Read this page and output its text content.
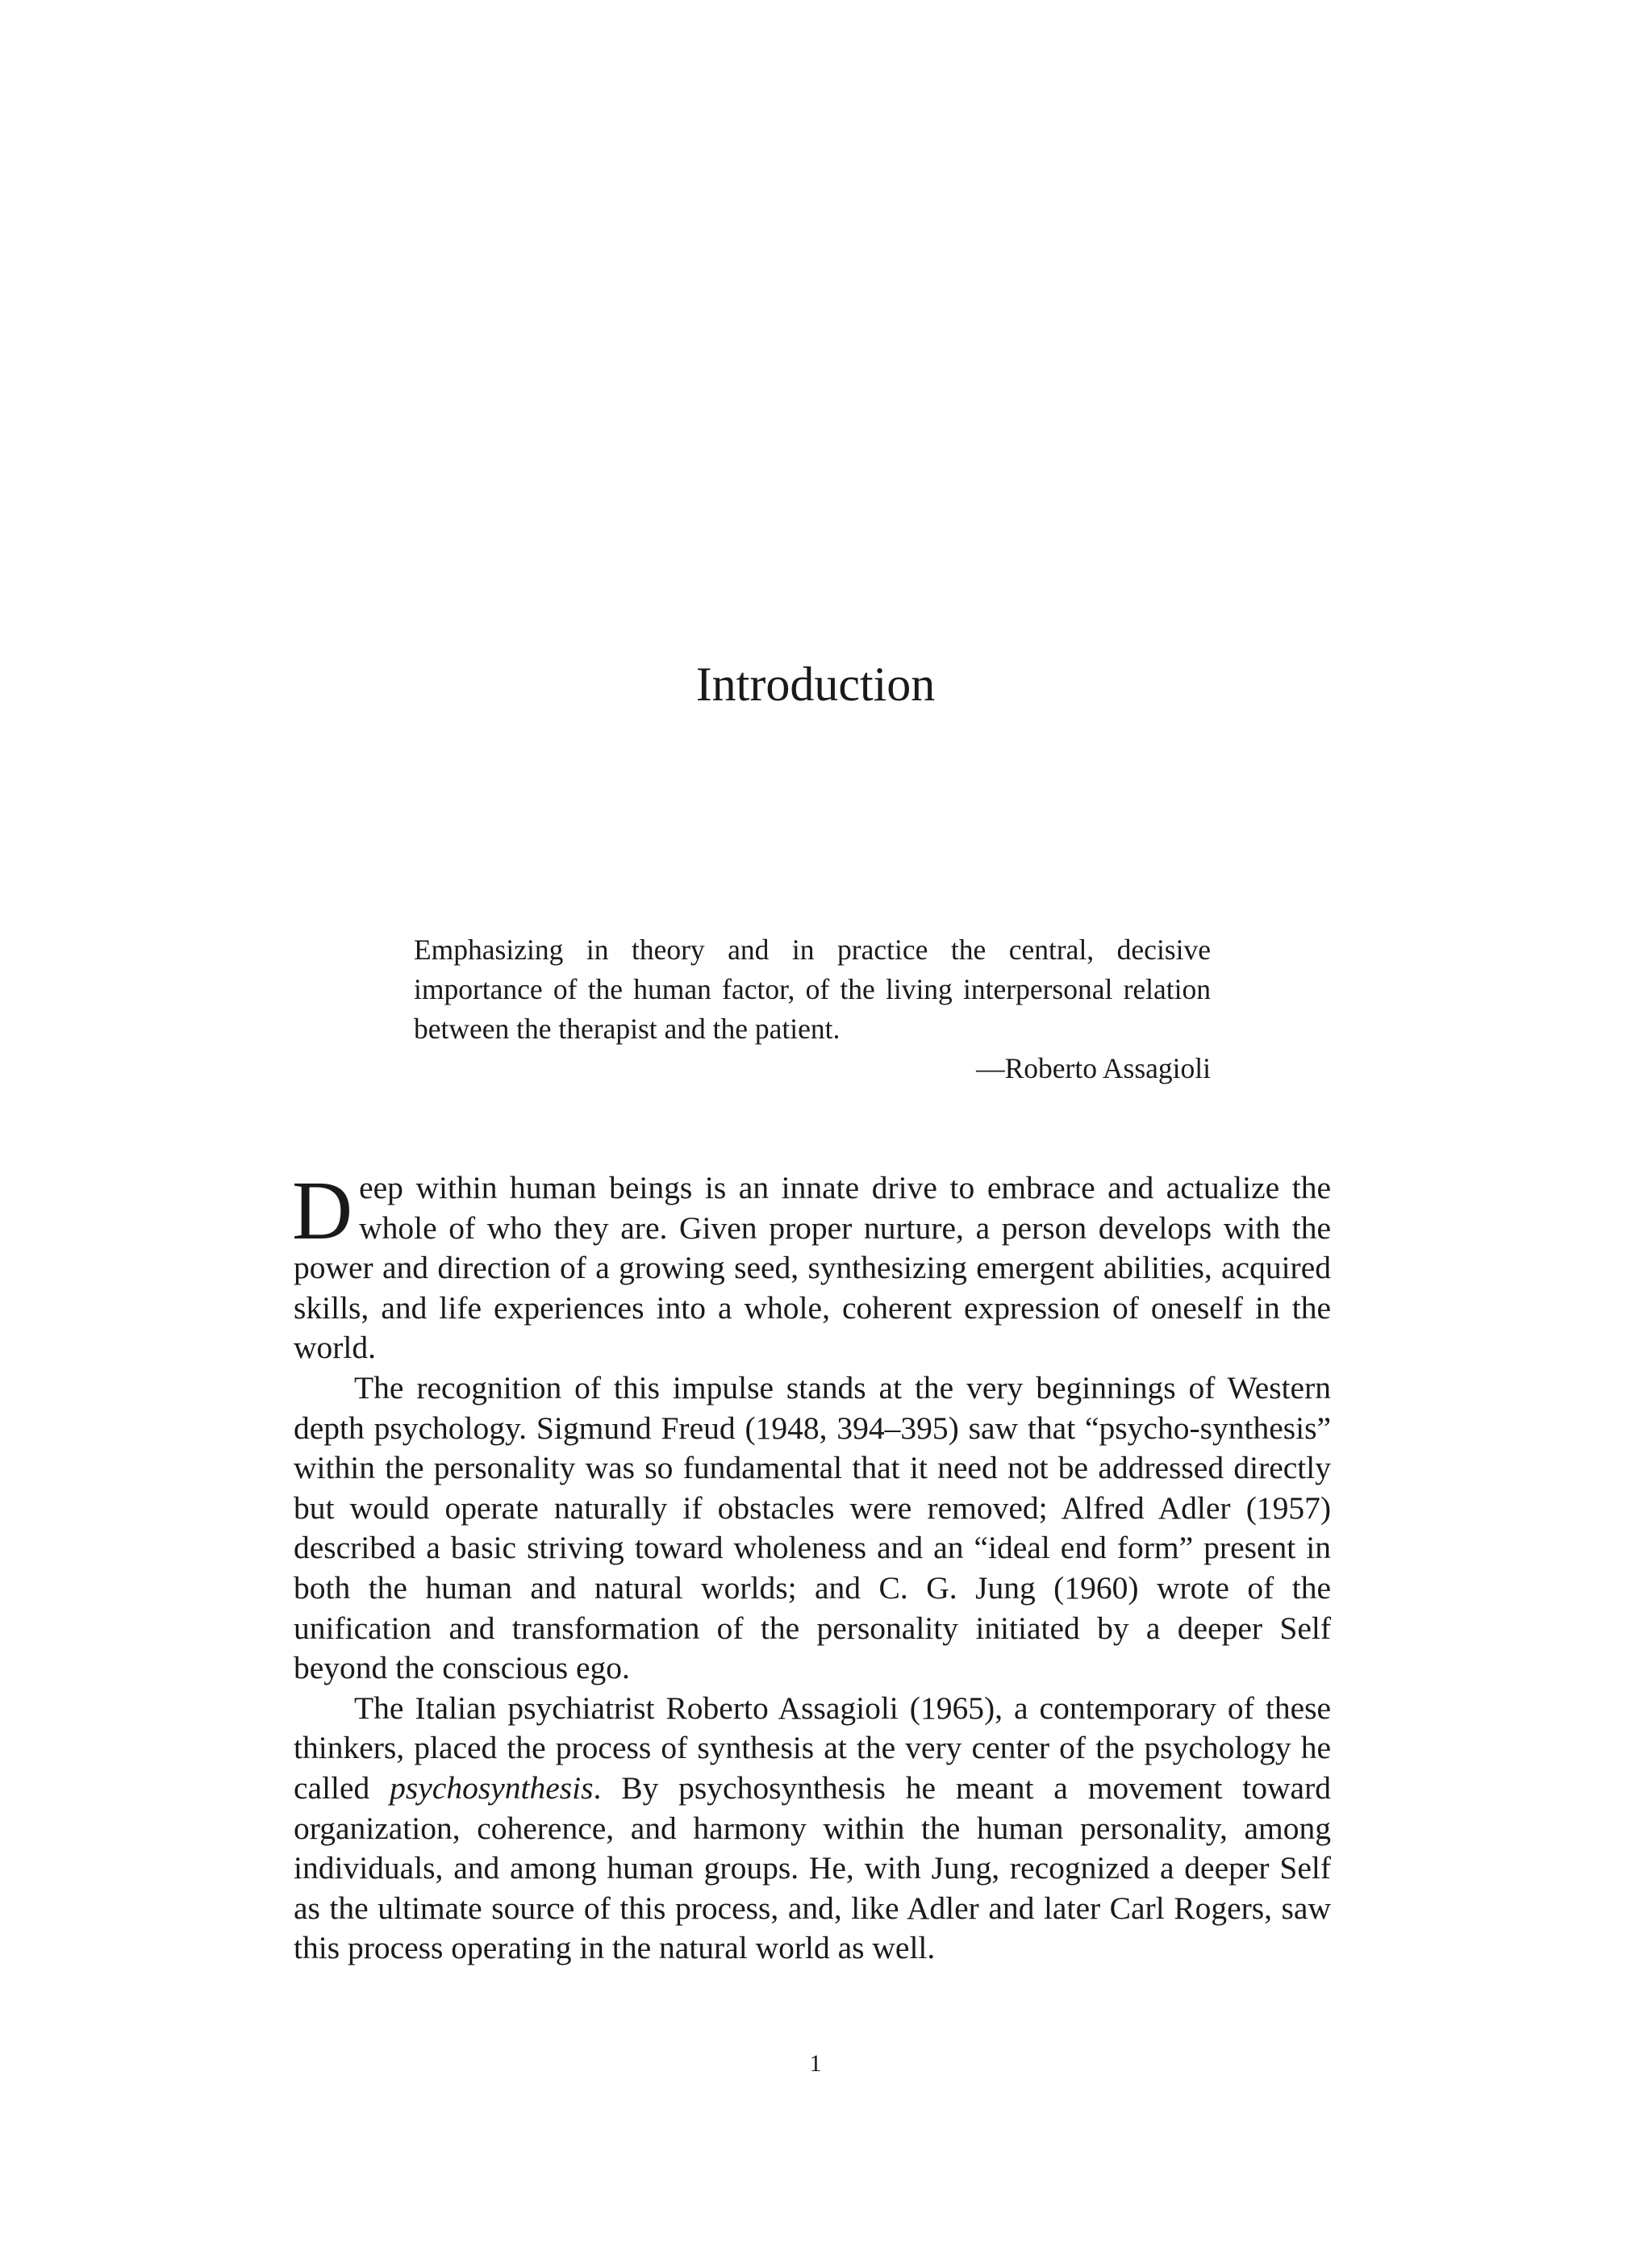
Introduction

Emphasizing in theory and in practice the central, decisive importance of the human factor, of the living interpersonal relation between the therapist and the patient.

—Roberto Assagioli

Deep within human beings is an innate drive to embrace and actualize the whole of who they are. Given proper nurture, a person develops with the power and direction of a growing seed, synthesizing emergent abilities, acquired skills, and life experiences into a whole, coherent expression of oneself in the world.

The recognition of this impulse stands at the very beginnings of Western depth psychology. Sigmund Freud (1948, 394–395) saw that “psycho-synthesis” within the personality was so fundamental that it need not be addressed directly but would operate naturally if obstacles were removed; Alfred Adler (1957) described a basic striving toward wholeness and an “ideal end form” present in both the human and natural worlds; and C. G. Jung (1960) wrote of the unification and transformation of the personality initiated by a deeper Self beyond the conscious ego.

The Italian psychiatrist Roberto Assagioli (1965), a contemporary of these thinkers, placed the process of synthesis at the very center of the psychology he called psychosynthesis. By psychosynthesis he meant a movement toward organization, coherence, and harmony within the human personality, among individuals, and among human groups. He, with Jung, recognized a deeper Self as the ultimate source of this process, and, like Adler and later Carl Rogers, saw this process operating in the natural world as well.

1
